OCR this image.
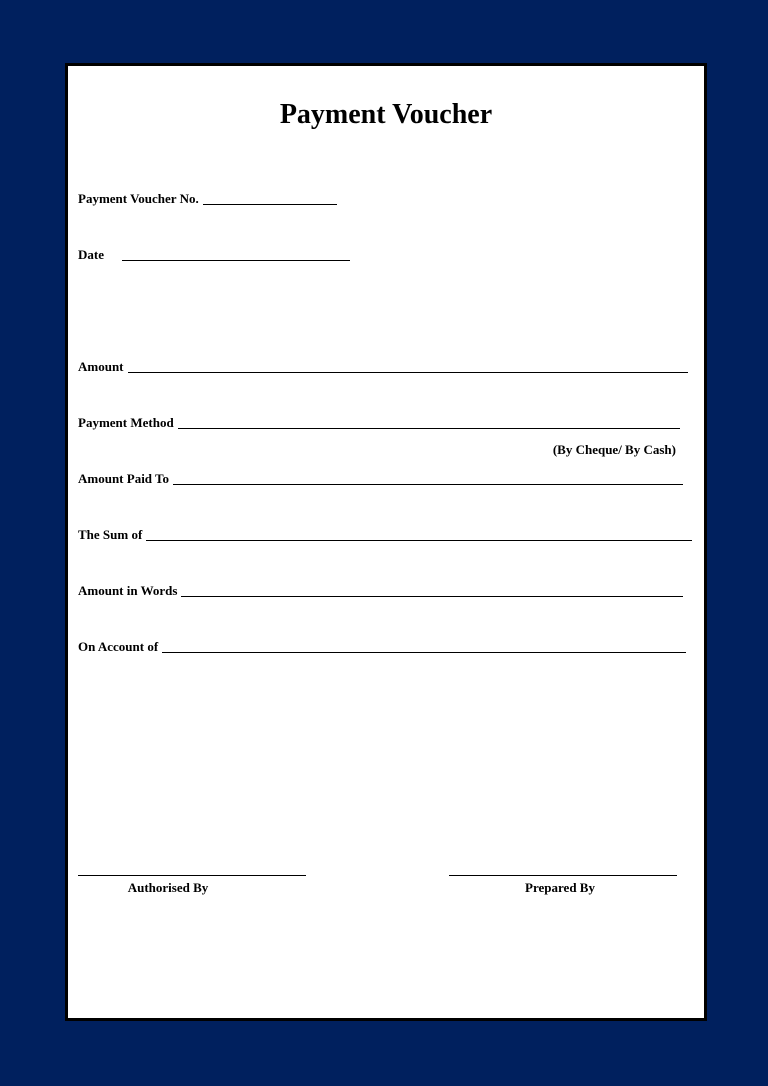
Payment Voucher
Payment Voucher No.
Date
Amount
Payment Method
(By Cheque/ By Cash)
Amount Paid To
The Sum of
Amount in Words
On Account of
Authorised By	Prepared By
